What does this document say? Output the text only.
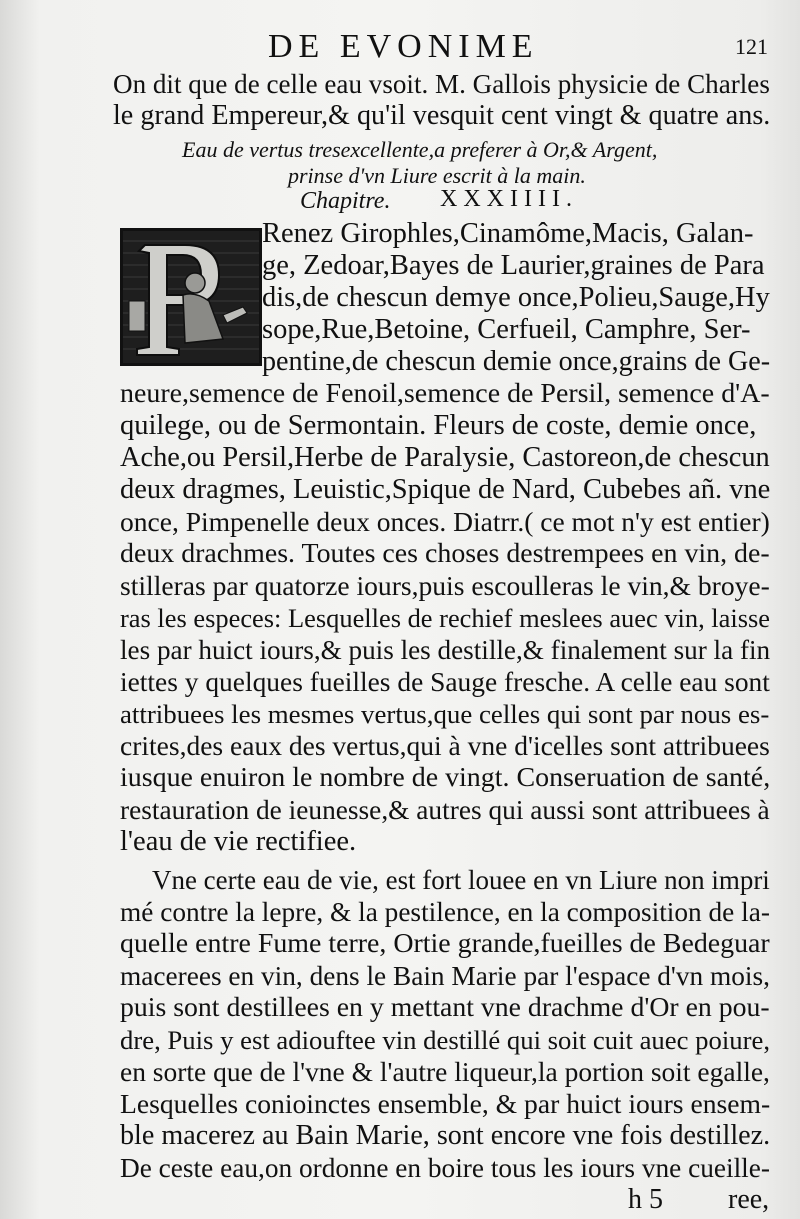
DE EVONIME	121
On dit que de celle eau vsoit. M. Gallois physicie de Charles
le grand Empereur,& qu'il vesquit cent vingt & quatre ans.
Eau de vertus tresexcellente,a preferer à Or,& Argent,
prinse d'vn Liure escrit à la main.
Chapitre. XXXIIII.
Renez Girophles,Cinamôme,Macis, Galan-
ge, Zedoar,Bayes de Laurier,graines de Para
dis,de chescun demye once,Polieu,Sauge,Hy
sope,Rue,Betoine, Cerfueil, Camphre, Ser-
pentine,de chescun demie once,grains de Ge-
neure,semence de Fenoil,semence de Persil, semence d'A-
quilege, ou de Sermontain. Fleurs de coste, demie once,
Ache,ou Persil,Herbe de Paralysie, Castoreon,de chescun
deux dragmes, Leuistic,Spique de Nard, Cubebes añ. vne
once, Pimpenelle deux onces. Diatrr.( ce mot n'y est entier)
deux drachmes. Toutes ces choses destrempees en vin, de-
stilleras par quatorze iours,puis escoulleras le vin,& broye-
ras les especes: Lesquelles de rechief meslees auec vin, laisse
les par huict iours,& puis les destille,& finalement sur la fin
iettes y quelques fueilles de Sauge fresche. A celle eau sont
attribuees les mesmes vertus,que celles qui sont par nous es-
crites,des eaux des vertus,qui à vne d'icelles sont attribuees
iusque enuiron le nombre de vingt. Conseruation de santé,
restauration de ieunesse,& autres qui aussi sont attribuees à
l'eau de vie rectifiee.
Vne certe eau de vie, est fort louee en vn Liure non impri
mé contre la lepre, & la pestilence, en la composition de la-
quelle entre Fume terre, Ortie grande,fueilles de Bedeguar
macerees en vin, dens le Bain Marie par l'espace d'vn mois,
puis sont destillees en y mettant vne drachme d'Or en pou-
dre, Puis y est adiouftee vin destillé qui soit cuit auec poiure,
en sorte que de l'vne & l'autre liqueur,la portion soit egalle,
Lesquelles conioinctes ensemble, & par huict iours ensem-
ble macerez au Bain Marie, sont encore vne fois destillez.
De ceste eau,on ordonne en boire tous les iours vne cueille-
h 5 ree,
